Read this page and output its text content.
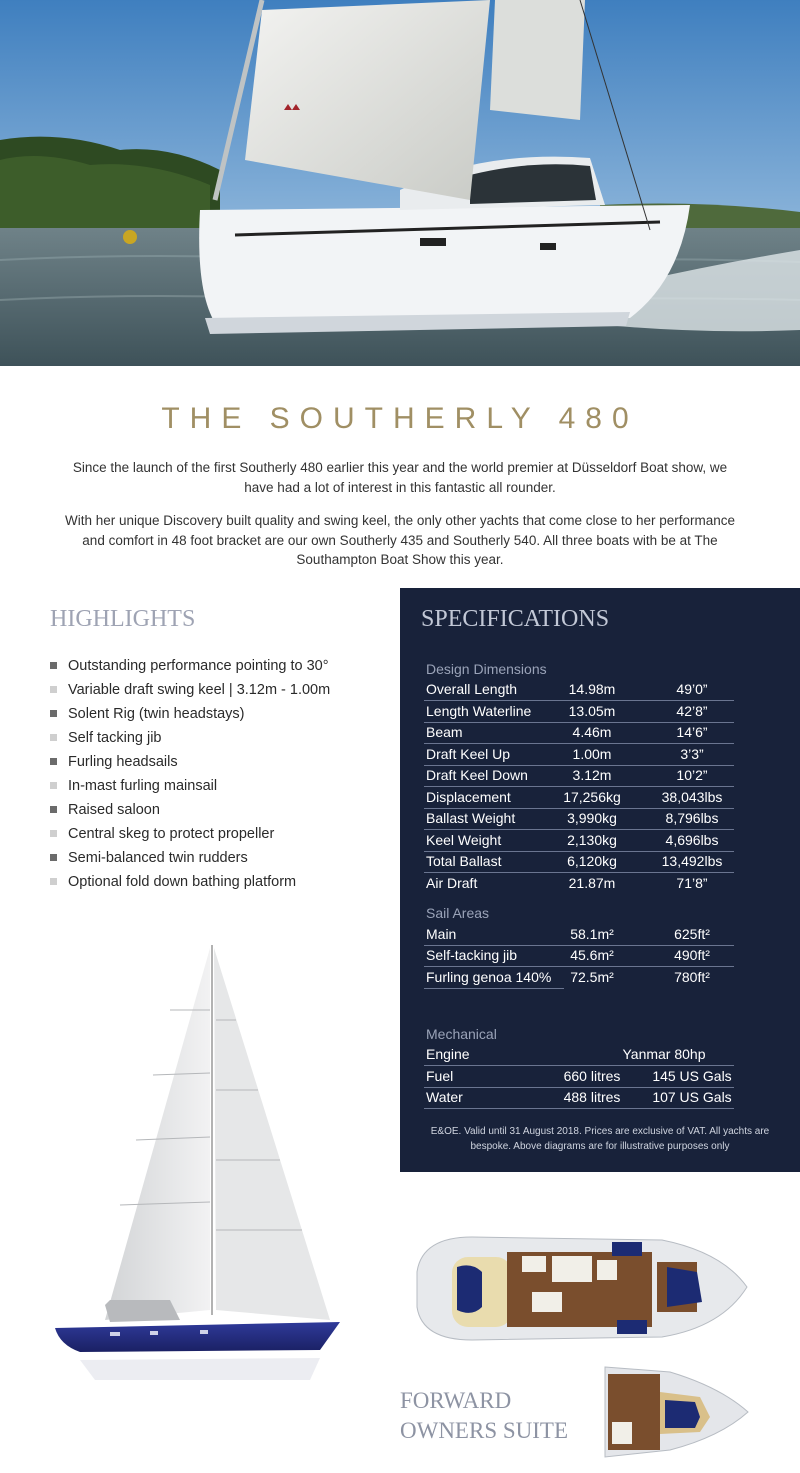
THE SOUTHERLY 480

Since the launch of the first Southerly 480 earlier this year and the world premier at Düsseldorf Boat show, we have had a lot of interest in this fantastic all rounder.

With her unique Discovery built quality and swing keel, the only other yachts that come close to her performance and comfort in 48 foot bracket are our own Southerly 435 and Southerly 540. All three boats with be at The Southampton Boat Show this year.

HIGHLIGHTS
Outstanding performance pointing to 30°
Variable draft swing keel | 3.12m - 1.00m
Solent Rig (twin headstays)
Self tacking jib
Furling headsails
In-mast furling mainsail
Raised saloon
Central skeg to protect propeller
Semi-balanced twin rudders
Optional fold down bathing platform
SPECIFICATIONS
Design Dimensions
Overall Length	14.98m	49’0”
Length Waterline	13.05m	42’8”
Beam	4.46m	14’6”
Draft Keel Up	1.00m	3’3”
Draft Keel Down	3.12m	10’2”
Displacement	17,256kg	38,043lbs
Ballast Weight	3,990kg	8,796lbs
Keel Weight	2,130kg	4,696lbs
Total Ballast	6,120kg	13,492lbs
Air Draft	21.87m	71’8”
Sail Areas
Main	58.1m²	625ft²
Self-tacking jib	45.6m²	490ft²
Furling genoa 140%	72.5m²	780ft²
Mechanical
Engine	Yanmar 80hp
Fuel	660 litres	145 US Gals
Water	488 litres	107 US Gals
E&OE. Valid until 31 August 2018. Prices are exclusive of VAT. All yachts are bespoke. Above diagrams are for illustrative purposes only
FORWARD
OWNERS SUITE
